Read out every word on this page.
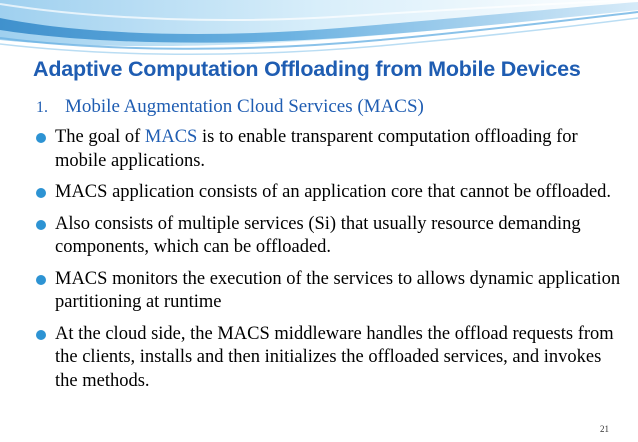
Adaptive Computation Offloading from Mobile Devices
1. Mobile Augmentation Cloud Services (MACS)
The goal of MACS is to enable transparent computation offloading for mobile applications.
MACS application consists of an application core that cannot be offloaded.
Also consists of multiple services (Si) that usually resource demanding components, which can be offloaded.
MACS monitors the execution of the services to allows dynamic application partitioning at runtime
At the cloud side, the MACS middleware handles the offload requests from the clients, installs and then initializes the offloaded services, and invokes the methods.
21
